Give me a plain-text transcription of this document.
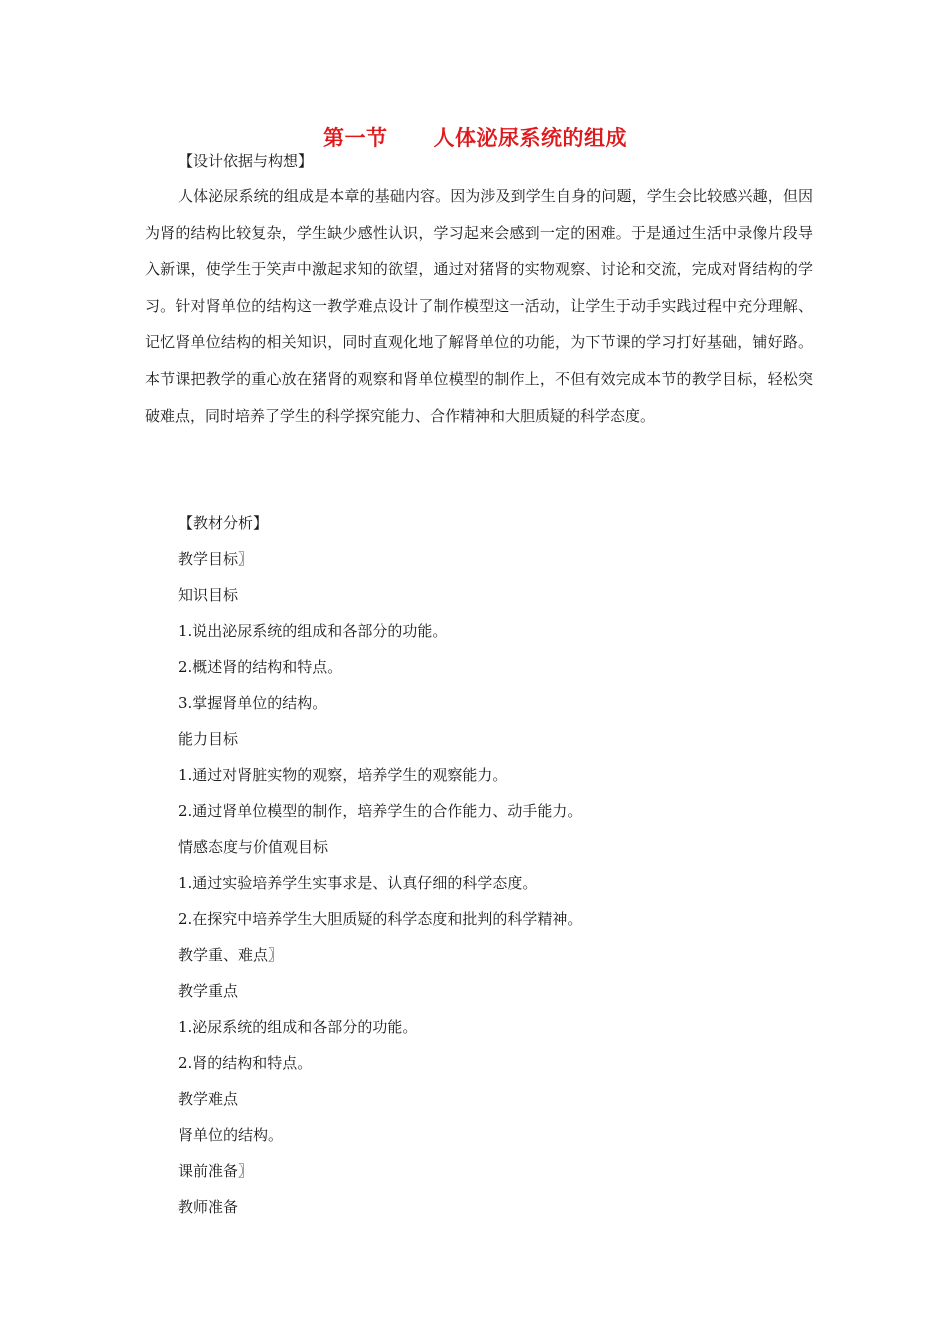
第一节 人体泌尿系统的组成
【设计依据与构想】

人体泌尿系统的组成是本章的基础内容。因为涉及到学生自身的问题，学生会比较感兴趣，但因为肾的结构比较复杂，学生缺少感性认识，学习起来会感到一定的困难。于是通过生活中录像片段导入新课，使学生于笑声中激起求知的欲望，通过对猪肾的实物观察、讨论和交流，完成对肾结构的学习。针对肾单位的结构这一教学难点设计了制作模型这一活动，让学生于动手实践过程中充分理解、记忆肾单位结构的相关知识，同时直观化地了解肾单位的功能，为下节课的学习打好基础，铺好路。本节课把教学的重心放在猪肾的观察和肾单位模型的制作上，不但有效完成本节的教学目标，轻松突破难点，同时培养了学生的科学探究能力、合作精神和大胆质疑的科学态度。

【教材分析】
教学目标〗
知识目标
1.说出泌尿系统的组成和各部分的功能。
2.概述肾的结构和特点。
3.掌握肾单位的结构。
能力目标
1.通过对肾脏实物的观察，培养学生的观察能力。
2.通过肾单位模型的制作，培养学生的合作能力、动手能力。
情感态度与价值观目标
1.通过实验培养学生实事求是、认真仔细的科学态度。
2.在探究中培养学生大胆质疑的科学态度和批判的科学精神。
教学重、难点〗
教学重点
1.泌尿系统的组成和各部分的功能。
2.肾的结构和特点。
教学难点
肾单位的结构。
课前准备〗
教师准备
